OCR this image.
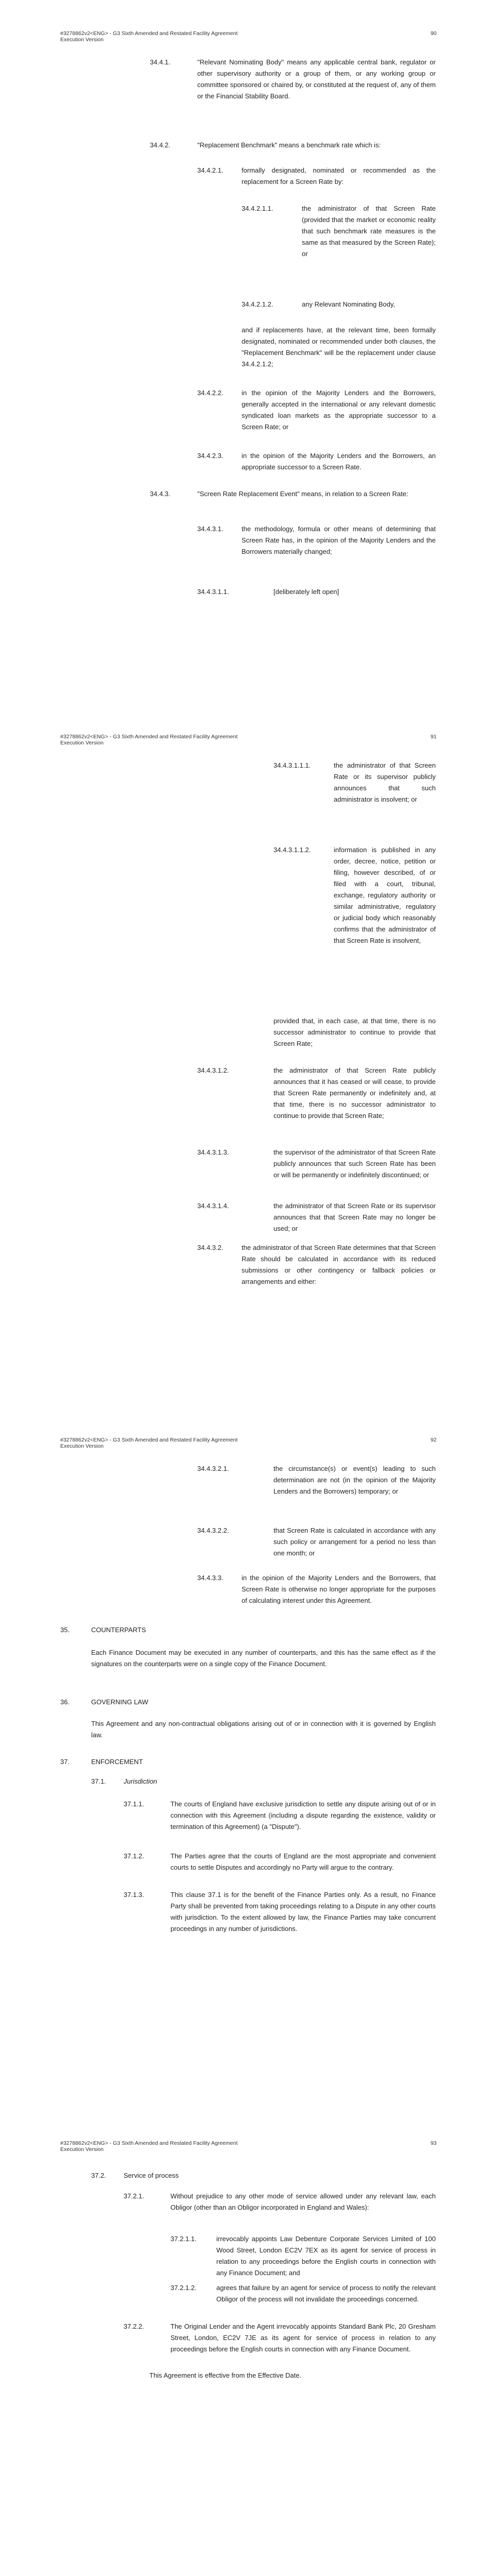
#3278862v2<ENG> - G3 Sixth Amended and Restated Facility Agreement
Execution Version
90
34.4.1.	"Relevant Nominating Body" means any applicable central bank, regulator or other supervisory authority or a group of them, or any working group or committee sponsored or chaired by, or constituted at the request of, any of them or the Financial Stability Board.
34.4.2.	"Replacement Benchmark" means a benchmark rate which is:
34.4.2.1.	formally designated, nominated or recommended as the replacement for a Screen Rate by:
34.4.2.1.1.	the administrator of that Screen Rate (provided that the market or economic reality that such benchmark rate measures is the same as that measured by the Screen Rate); or
34.4.2.1.2.	any Relevant Nominating Body,
and if replacements have, at the relevant time, been formally designated, nominated or recommended under both clauses, the "Replacement Benchmark" will be the replacement under clause 34.4.2.1.2;
34.4.2.2.	in the opinion of the Majority Lenders and the Borrowers, generally accepted in the international or any relevant domestic syndicated loan markets as the appropriate successor to a Screen Rate; or
34.4.2.3.	in the opinion of the Majority Lenders and the Borrowers, an appropriate successor to a Screen Rate.
34.4.3.	"Screen Rate Replacement Event" means, in relation to a Screen Rate:
34.4.3.1.	the methodology, formula or other means of determining that Screen Rate has, in the opinion of the Majority Lenders and the Borrowers materially changed;
34.4.3.1.1.	[deliberately left open]
#3278862v2<ENG> - G3 Sixth Amended and Restated Facility Agreement
Execution Version
91
34.4.3.1.1.1.	the administrator of that Screen Rate or its supervisor publicly announces that such administrator is insolvent; or
34.4.3.1.1.2.	information is published in any order, decree, notice, petition or filing, however described, of or filed with a court, tribunal, exchange, regulatory authority or similar administrative, regulatory or judicial body which reasonably confirms that the administrator of that Screen Rate is insolvent,
provided that, in each case, at that time, there is no successor administrator to continue to provide that Screen Rate;
34.4.3.1.2.	the administrator of that Screen Rate publicly announces that it has ceased or will cease, to provide that Screen Rate permanently or indefinitely and, at that time, there is no successor administrator to continue to provide that Screen Rate;
34.4.3.1.3.	the supervisor of the administrator of that Screen Rate publicly announces that such Screen Rate has been or will be permanently or indefinitely discontinued; or
34.4.3.1.4.	the administrator of that Screen Rate or its supervisor announces that that Screen Rate may no longer be used; or
34.4.3.2.	the administrator of that Screen Rate determines that that Screen Rate should be calculated in accordance with its reduced submissions or other contingency or fallback policies or arrangements and either:
#3278862v2<ENG> - G3 Sixth Amended and Restated Facility Agreement
Execution Version
92
34.4.3.2.1.	the circumstance(s) or event(s) leading to such determination are not (in the opinion of the Majority Lenders and the Borrowers) temporary; or
34.4.3.2.2.	that Screen Rate is calculated in accordance with any such policy or arrangement for a period no less than one month; or
34.4.3.3.	in the opinion of the Majority Lenders and the Borrowers, that Screen Rate is otherwise no longer appropriate for the purposes of calculating interest under this Agreement.
35.	COUNTERPARTS
Each Finance Document may be executed in any number of counterparts, and this has the same effect as if the signatures on the counterparts were on a single copy of the Finance Document.
36.	GOVERNING LAW
This Agreement and any non-contractual obligations arising out of or in connection with it is governed by English law.
37.	ENFORCEMENT
37.1.	Jurisdiction
37.1.1.	The courts of England have exclusive jurisdiction to settle any dispute arising out of or in connection with this Agreement (including a dispute regarding the existence, validity or termination of this Agreement) (a "Dispute").
37.1.2.	The Parties agree that the courts of England are the most appropriate and convenient courts to settle Disputes and accordingly no Party will argue to the contrary.
37.1.3.	This clause 37.1 is for the benefit of the Finance Parties only. As a result, no Finance Party shall be prevented from taking proceedings relating to a Dispute in any other courts with jurisdiction. To the extent allowed by law, the Finance Parties may take concurrent proceedings in any number of jurisdictions.
#3278862v2<ENG> - G3 Sixth Amended and Restated Facility Agreement
Execution Version
93
37.2.	Service of process
37.2.1.	Without prejudice to any other mode of service allowed under any relevant law, each Obligor (other than an Obligor incorporated in England and Wales):
37.2.1.1.	irrevocably appoints Law Debenture Corporate Services Limited of 100 Wood Street, London EC2V 7EX as its agent for service of process in relation to any proceedings before the English courts in connection with any Finance Document; and
37.2.1.2.	agrees that failure by an agent for service of process to notify the relevant Obligor of the process will not invalidate the proceedings concerned.
37.2.2.	The Original Lender and the Agent irrevocably appoints Standard Bank Plc, 20 Gresham Street, London, EC2V 7JE as its agent for service of process in relation to any proceedings before the English courts in connection with any Finance Document.
This Agreement is effective from the Effective Date.
